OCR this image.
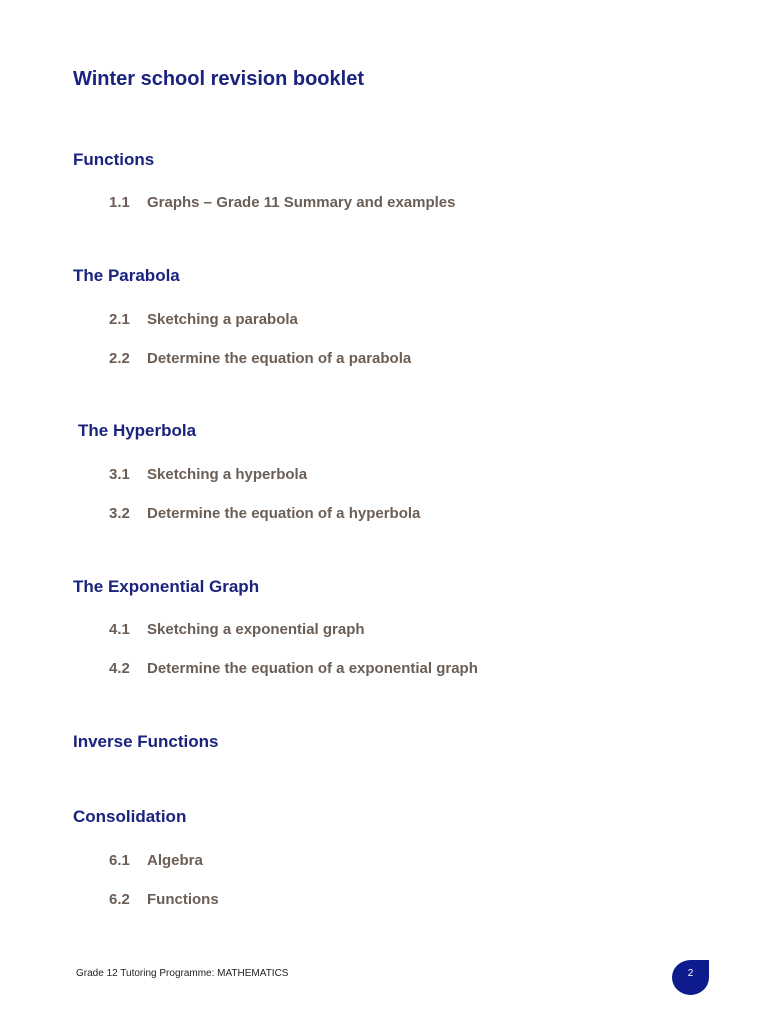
Winter school revision booklet
Functions
1.1 Graphs – Grade 11 Summary and examples
The Parabola
2.1 Sketching a parabola
2.2 Determine the equation of a parabola
The Hyperbola
3.1 Sketching a hyperbola
3.2 Determine the equation of a hyperbola
The Exponential Graph
4.1 Sketching a exponential graph
4.2 Determine the equation of a exponential graph
Inverse Functions
Consolidation
6.1 Algebra
6.2 Functions
Grade 12 Tutoring Programme: MATHEMATICS	2
